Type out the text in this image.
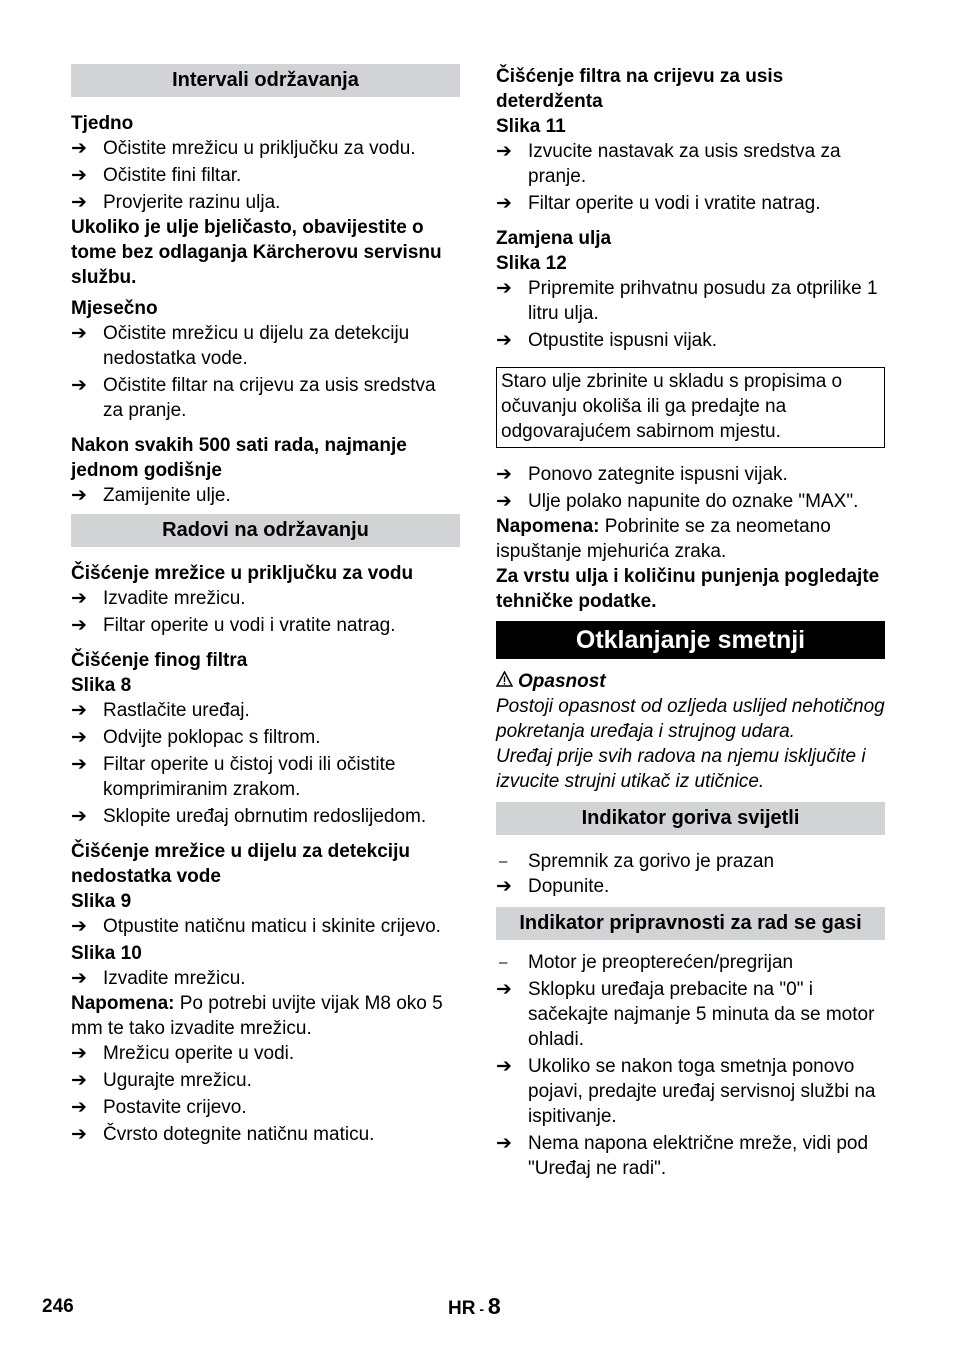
Intervali održavanja
Tjedno
➔ Očistite mrežicu u priključku za vodu.
➔ Očistite fini filtar.
➔ Provjerite razinu ulja.
Ukoliko je ulje bjeličasto, obavijestite o tome bez odlaganja Kärcherovu servisnu službu.
Mjesečno
➔ Očistite mrežicu u dijelu za detekciju nedostatka vode.
➔ Očistite filtar na crijevu za usis sredstva za pranje.
Nakon svakih 500 sati rada, najmanje jednom godišnje
➔ Zamijenite ulje.
Radovi na održavanju
Čišćenje mrežice u priključku za vodu
➔ Izvadite mrežicu.
➔ Filtar operite u vodi i vratite natrag.
Čišćenje finog filtra
Slika 8
➔ Rastlačite uređaj.
➔ Odvijte poklopac s filtrom.
➔ Filtar operite u čistoj vodi ili očistite komprimiranim zrakom.
➔ Sklopite uređaj obrnutim redoslijedom.
Čišćenje mrežice u dijelu za detekciju nedostatka vode
Slika 9
➔ Otpustite natičnu maticu i skinite crijevo.
Slika 10
➔ Izvadite mrežicu.
Napomena: Po potrebi uvijte vijak M8 oko 5 mm te tako izvadite mrežicu.
➔ Mrežicu operite u vodi.
➔ Ugurajte mrežicu.
➔ Postavite crijevo.
➔ Čvrsto dotegnite natičnu maticu.
Čišćenje filtra na crijevu za usis deterdženta
Slika 11
➔ Izvucite nastavak za usis sredstva za pranje.
➔ Filtar operite u vodi i vratite natrag.
Zamjena ulja
Slika 12
➔ Pripremite prihvatnu posudu za otprilike 1 litru ulja.
➔ Otpustite ispusni vijak.
Staro ulje zbrinite u skladu s propisima o očuvanju okoliša ili ga predajte na odgovarajućem sabirnom mjestu.
➔ Ponovo zategnite ispusni vijak.
➔ Ulje polako napunite do oznake "MAX".
Napomena: Pobrinite se za neometano ispuštanje mjehurića zraka.
Za vrstu ulja i količinu punjenja pogledajte tehničke podatke.
Otklanjanje smetnji
Opasnost
Postoji opasnost od ozljeda uslijed nehotičnog pokretanja uređaja i strujnog udara.
Uređaj prije svih radova na njemu isključite i izvucite strujni utikač iz utičnice.
Indikator goriva svijetli
–	Spremnik za gorivo je prazan
➔ Dopunite.
Indikator pripravnosti za rad se gasi
–	Motor je preopterećen/pregrijan
➔ Sklopku uređaja prebacite na "0" i sačekajte najmanje 5 minuta da se motor ohladi.
➔ Ukoliko se nakon toga smetnja ponovo pojavi, predajte uređaj servisnoj službi na ispitivanje.
➔ Nema napona električne mreže, vidi pod "Uređaj ne radi".
246	HR - 8
